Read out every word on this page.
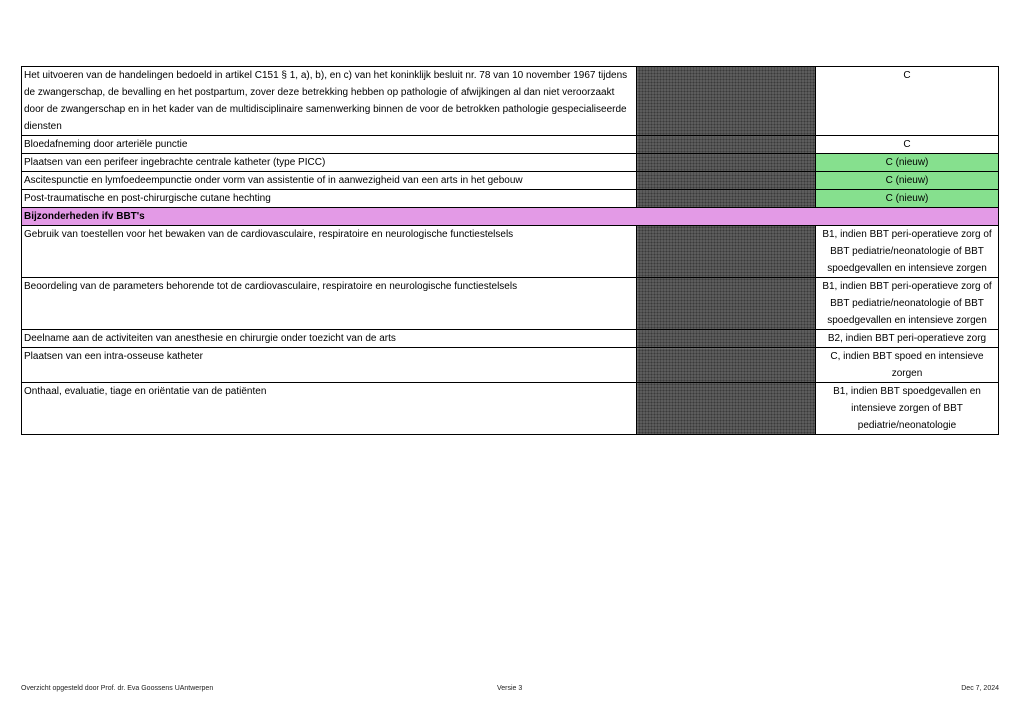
Het uitvoeren van de handelingen bedoeld in artikel C151 § 1, a), b), en c) van het koninklijk besluit nr. 78 van 10 november 1967 tijdens de zwangerschap, de bevalling en het postpartum, zover deze betrekking hebben op pathologie of afwijkingen al dan niet veroorzaakt door de zwangerschap en in het kader van de multidisciplinaire samenwerking binnen de voor de betrokken pathologie gespecialiseerde diensten		C
Bloedafneming door arteriële punctie		C
Plaatsen van een perifeer ingebrachte centrale katheter (type PICC)		C (nieuw)
Ascitespunctie en lymfoedeempunctie onder vorm van assistentie of in aanwezigheid van een arts in het gebouw		C (nieuw)
Post-traumatische en post-chirurgische cutane hechting		C (nieuw)
Bijzonderheden ifv BBT's		
Gebruik van toestellen voor het bewaken van de cardiovasculaire, respiratoire en neurologische functiestelsels		B1, indien BBT peri-operatieve zorg of BBT pediatrie/neonatologie of BBT spoedgevallen en intensieve zorgen
Beoordeling van de parameters behorende tot de cardiovasculaire, respiratoire en neurologische functiestelsels		B1, indien BBT peri-operatieve zorg of BBT pediatrie/neonatologie of BBT spoedgevallen en intensieve zorgen
Deelname aan de activiteiten van anesthesie en chirurgie onder toezicht van de arts		B2, indien BBT peri-operatieve zorg
Plaatsen van een intra-osseuse katheter		C, indien BBT spoed en intensieve zorgen
Onthaal, evaluatie, tiage en oriëntatie van de patiënten		B1, indien BBT spoedgevallen en intensieve zorgen of BBT pediatrie/neonatologie
Overzicht opgesteld door Prof. dr. Eva Goossens UAntwerpen	Versie 3	Dec 7, 2024
